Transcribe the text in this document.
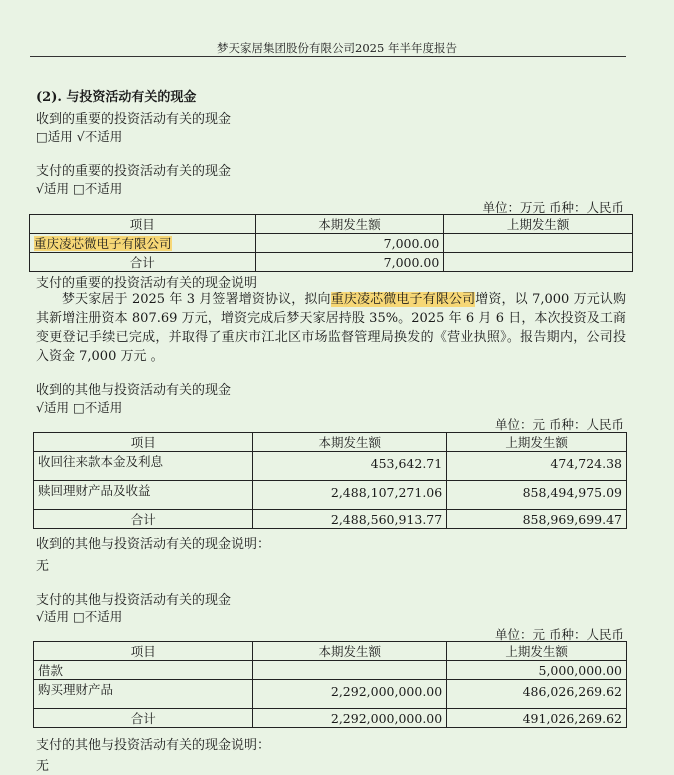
梦天家居集团股份有限公司2025 年半年度报告
(2). 与投资活动有关的现金
收到的重要的投资活动有关的现金
□适用 √不适用
支付的重要的投资活动有关的现金
√适用 □不适用
单位：万元 币种：人民币
项目	本期发生额	上期发生额
重庆凌芯微电子有限公司	7,000.00	
合计	7,000.00	
支付的重要的投资活动有关的现金说明
梦天家居于 2025 年 3 月签署增资协议，拟向重庆凌芯微电子有限公司增资，以 7,000 万元认购其新增注册资本 807.69 万元，增资完成后梦天家居持股 35%。2025 年 6 月 6 日，本次投资及工商变更登记手续已完成，并取得了重庆市江北区市场监督管理局换发的《营业执照》。报告期内，公司投入资金 7,000 万元 。
收到的其他与投资活动有关的现金
√适用 □不适用
单位：元 币种：人民币
项目	本期发生额	上期发生额
收回往来款本金及利息	453,642.71	474,724.38
赎回理财产品及收益	2,488,107,271.06	858,494,975.09
合计	2,488,560,913.77	858,969,699.47
收到的其他与投资活动有关的现金说明：
无
支付的其他与投资活动有关的现金
√适用 □不适用
单位：元 币种：人民币
项目	本期发生额	上期发生额
借款		5,000,000.00
购买理财产品	2,292,000,000.00	486,026,269.62
合计	2,292,000,000.00	491,026,269.62
支付的其他与投资活动有关的现金说明：
无
